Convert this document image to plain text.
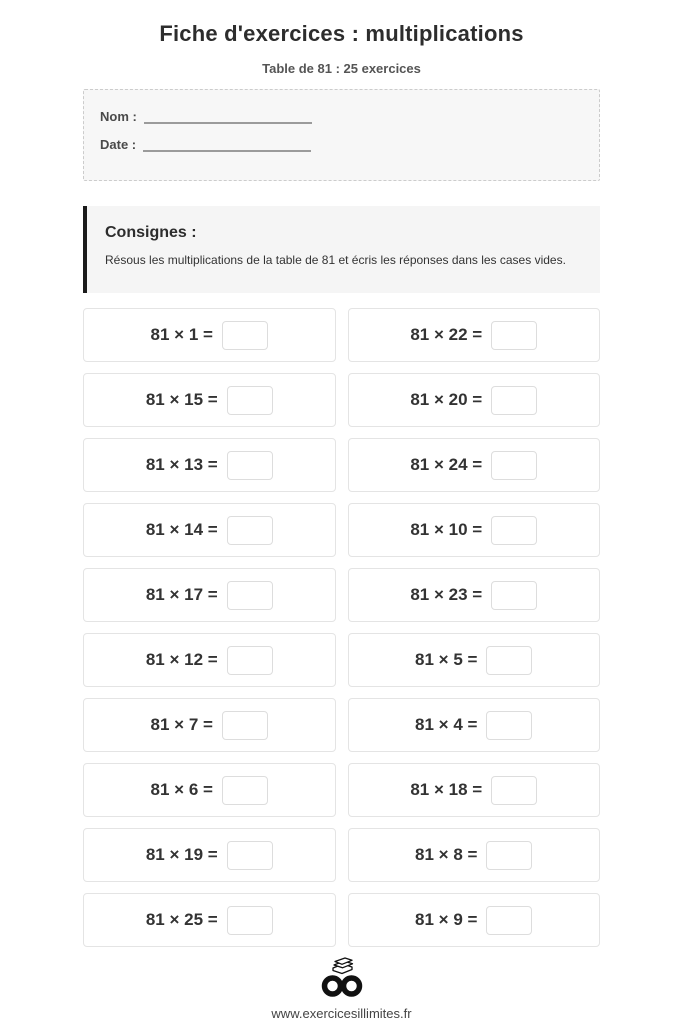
Fiche d'exercices : multiplications

Table de 81 : 25 exercices

Nom :
Date :
Consignes :

Résous les multiplications de la table de 81 et écris les réponses dans les cases vides.

81 × 1 =	81 × 22 =
81 × 15 =	81 × 20 =
81 × 13 =	81 × 24 =
81 × 14 =	81 × 10 =
81 × 17 =	81 × 23 =
81 × 12 =	81 × 5 =
81 × 7 =	81 × 4 =
81 × 6 =	81 × 18 =
81 × 19 =	81 × 8 =
81 × 25 =	81 × 9 =

www.exercicesillimites.fr
